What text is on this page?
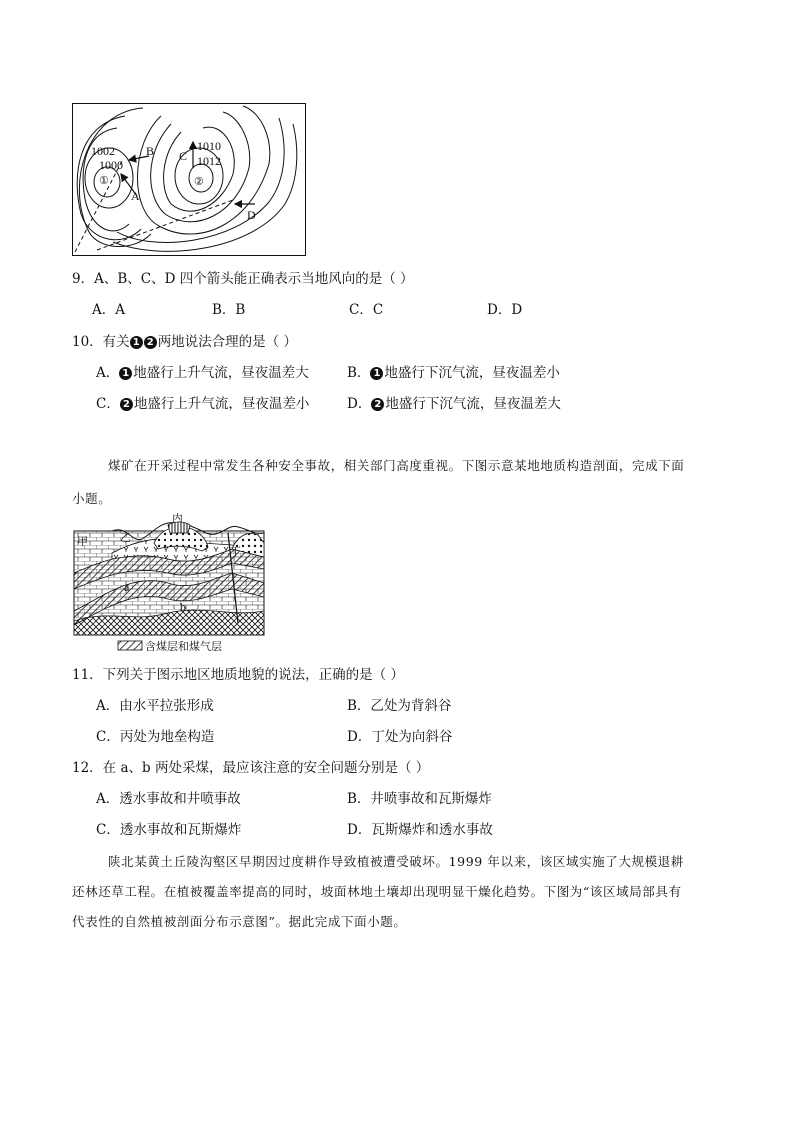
1002
1000
①
A
B C
1010
1012
②
D
9．A、B、C、D 四个箭头能正确表示当地风向的是（ ）
A．A	B．B	C．C	D．D
10．有关 1 2 两地说法合理的是（ ）
A． 1 地盛行上升气流，昼夜温差大	B． 1 地盛行下沉气流，昼夜温差小
C． 2 地盛行上升气流，昼夜温差小	D． 2 地盛行下沉气流，昼夜温差大
煤矿在开采过程中常发生各种安全事故，相关部门高度重视。下图示意某地地质构造剖面，完成下面
小题。
甲	乙
丙
丁
a
b
含煤层和煤气层
11．下列关于图示地区地质地貌的说法，正确的是（ ）
A．由水平拉张形成	B．乙处为背斜谷
C．丙处为地垒构造	D．丁处为向斜谷
12．在 a、b 两处采煤，最应该注意的安全问题分别是（ ）
A．透水事故和井喷事故	B．井喷事故和瓦斯爆炸
C．透水事故和瓦斯爆炸	D．瓦斯爆炸和透水事故
陕北某黄土丘陵沟壑区早期因过度耕作导致植被遭受破坏。1999 年以来，该区域实施了大规模退耕
还林还草工程。在植被覆盖率提高的同时，坡面林地土壤却出现明显干燥化趋势。下图为“该区域局部具有
代表性的自然植被剖面分布示意图”。据此完成下面小题。
